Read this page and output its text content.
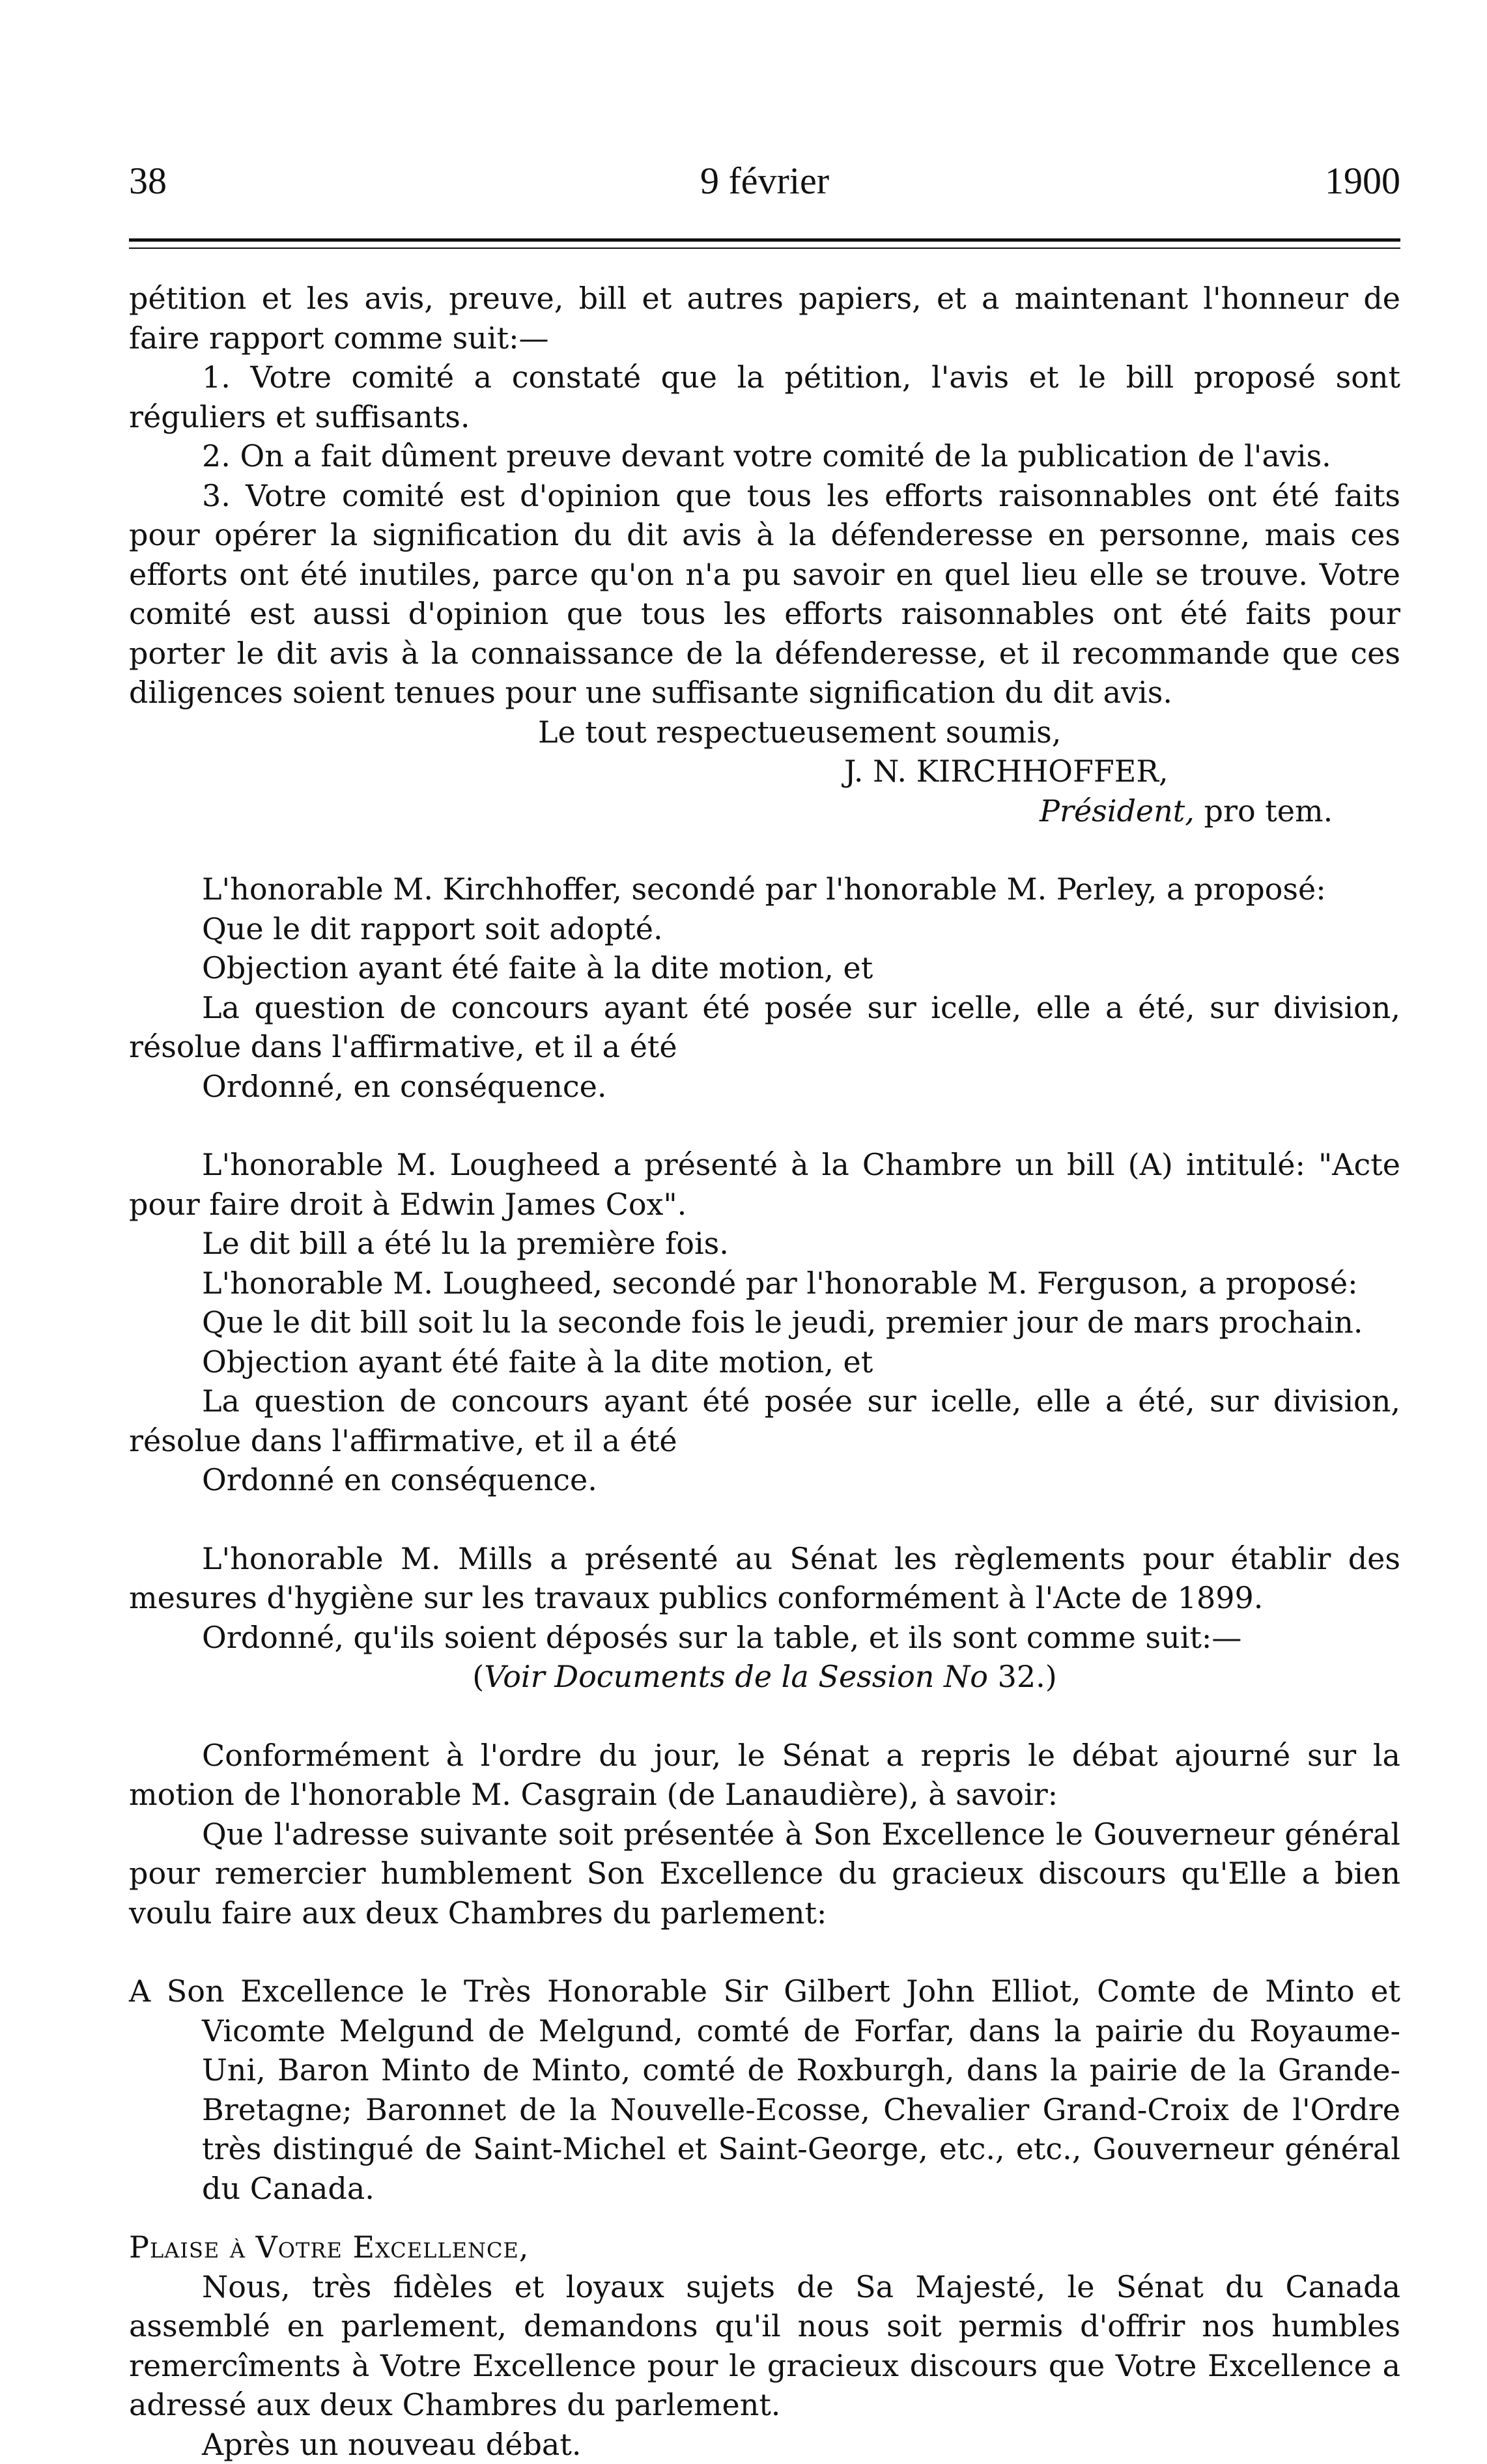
38	9 février	1900

pétition et les avis, preuve, bill et autres papiers, et a maintenant l'honneur de faire rapport comme suit:—

1. Votre comité a constaté que la pétition, l'avis et le bill proposé sont réguliers et suffisants.

2. On a fait dûment preuve devant votre comité de la publication de l'avis.

3. Votre comité est d'opinion que tous les efforts raisonnables ont été faits pour opérer la signification du dit avis à la défenderesse en personne, mais ces efforts ont été inutiles, parce qu'on n'a pu savoir en quel lieu elle se trouve. Votre comité est aussi d'opinion que tous les efforts raisonnables ont été faits pour porter le dit avis à la connaissance de la défenderesse, et il recommande que ces diligences soient tenues pour une suffisante signification du dit avis.

Le tout respectueusement soumis,

J. N. KIRCHHOFFER,

Président, pro tem.

L'honorable M. Kirchhoffer, secondé par l'honorable M. Perley, a proposé:

Que le dit rapport soit adopté.

Objection ayant été faite à la dite motion, et

La question de concours ayant été posée sur icelle, elle a été, sur division, résolue dans l'affirmative, et il a été

Ordonné, en conséquence.

L'honorable M. Lougheed a présenté à la Chambre un bill (A) intitulé: "Acte pour faire droit à Edwin James Cox".

Le dit bill a été lu la première fois.

L'honorable M. Lougheed, secondé par l'honorable M. Ferguson, a proposé:

Que le dit bill soit lu la seconde fois le jeudi, premier jour de mars prochain.

Objection ayant été faite à la dite motion, et

La question de concours ayant été posée sur icelle, elle a été, sur division, résolue dans l'affirmative, et il a été

Ordonné en conséquence.

L'honorable M. Mills a présenté au Sénat les règlements pour établir des mesures d'hygiène sur les travaux publics conformément à l'Acte de 1899.

Ordonné, qu'ils soient déposés sur la table, et ils sont comme suit:—

(Voir Documents de la Session No 32.)

Conformément à l'ordre du jour, le Sénat a repris le débat ajourné sur la motion de l'honorable M. Casgrain (de Lanaudière), à savoir:

Que l'adresse suivante soit présentée à Son Excellence le Gouverneur général pour remercier humblement Son Excellence du gracieux discours qu'Elle a bien voulu faire aux deux Chambres du parlement:

A Son Excellence le Très Honorable Sir Gilbert John Elliot, Comte de Minto et Vicomte Melgund de Melgund, comté de Forfar, dans la pairie du Royaume-Uni, Baron Minto de Minto, comté de Roxburgh, dans la pairie de la Grande-Bretagne; Baronnet de la Nouvelle-Ecosse, Chevalier Grand-Croix de l'Ordre très distingué de Saint-Michel et Saint-George, etc., etc., Gouverneur général du Canada.

Plaise à Votre Excellence,

Nous, très fidèles et loyaux sujets de Sa Majesté, le Sénat du Canada assemblé en parlement, demandons qu'il nous soit permis d'offrir nos humbles remercîments à Votre Excellence pour le gracieux discours que Votre Excellence a adressé aux deux Chambres du parlement.

Après un nouveau débat.
